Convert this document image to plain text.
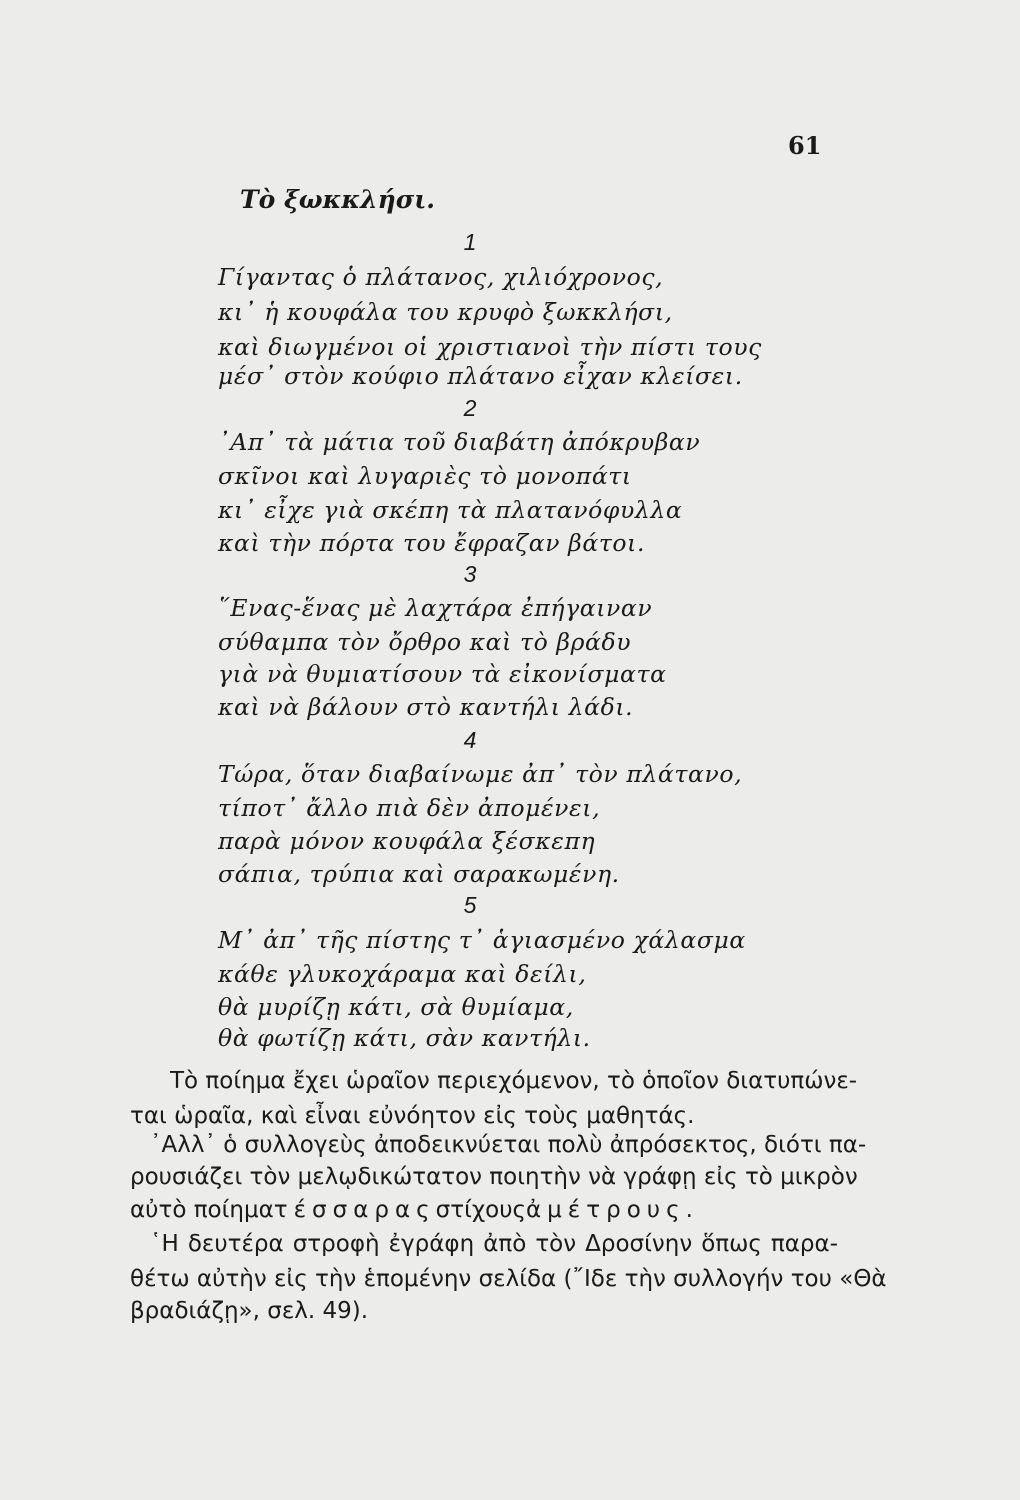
61
Τὸ ξωκκλήσι.
1
Γίγαντας ὁ πλάτανος, χιλιόχρονος,
κι᾽ ἡ κουφάλα του κρυφὸ ξωκκλήσι,
καὶ διωγμένοι οἱ χριστιανοὶ τὴν πίστι τους
μέσ᾽ στὸν κούφιο πλάτανο εἶχαν κλείσει.
2
᾽Απ᾽ τὰ μάτια τοῦ διαβάτη ἀπόκρυβαν
σκῖνοι καὶ λυγαριὲς τὸ μονοπάτι
κι᾽ εἶχε γιὰ σκέπη τὰ πλατανόφυλλα
καὶ τὴν πόρτα του ἔφραζαν βάτοι.
3
῞Ενας-ἕνας μὲ λαχτάρα ἐπήγαιναν
σύθαμπα τὸν ὄρθρο καὶ τὸ βράδυ
γιὰ νὰ θυμιατίσουν τὰ εἰκονίσματα
καὶ νὰ βάλουν στὸ καντήλι λάδι.
4
Τώρα, ὅταν διαβαίνωμε ἀπ᾽ τὸν πλάτανο,
τίποτ᾽ ἄλλο πιὰ δὲν ἀπομένει,
παρὰ μόνον κουφάλα ξέσκεπη
σάπια, τρύπια καὶ σαρακωμένη.
5
Μ᾽ ἀπ᾽ τῆς πίστης τ᾽ ἁγιασμένο χάλασμα
κάθε γλυκοχάραμα καὶ δείλι,
θὰ μυρίζῃ κάτι, σὰ θυμίαμα,
θὰ φωτίζῃ κάτι, σὰν καντήλι.
Τὸ ποίημα ἔχει ὡραῖον περιεχόμενον, τὸ ὁποῖον διατυπώνε-
ται ὡραῖα, καὶ εἶναι εὐνόητον εἰς τοὺς μαθητάς.
᾽Αλλ᾽ ὁ συλλογεὺς ἀποδεικνύεται πολὺ ἀπρόσεκτος, διότι πα-
ρουσιάζει τὸν μελῳδικώτατον ποιητὴν νὰ γράφῃ εἰς τὸ μικρὸν
αὐτὸ ποίημα τέσσαρας στίχους ἀμέτρους.
῾Η δευτέρα στροφὴ ἐγράφη ἀπὸ τὸν Δροσίνην ὅπως παρα-
θέτω αὐτὴν εἰς τὴν ἑπομένην σελίδα (῎Ιδε τὴν συλλογήν του «Θὰ
βραδιάζῃ», σελ. 49).
